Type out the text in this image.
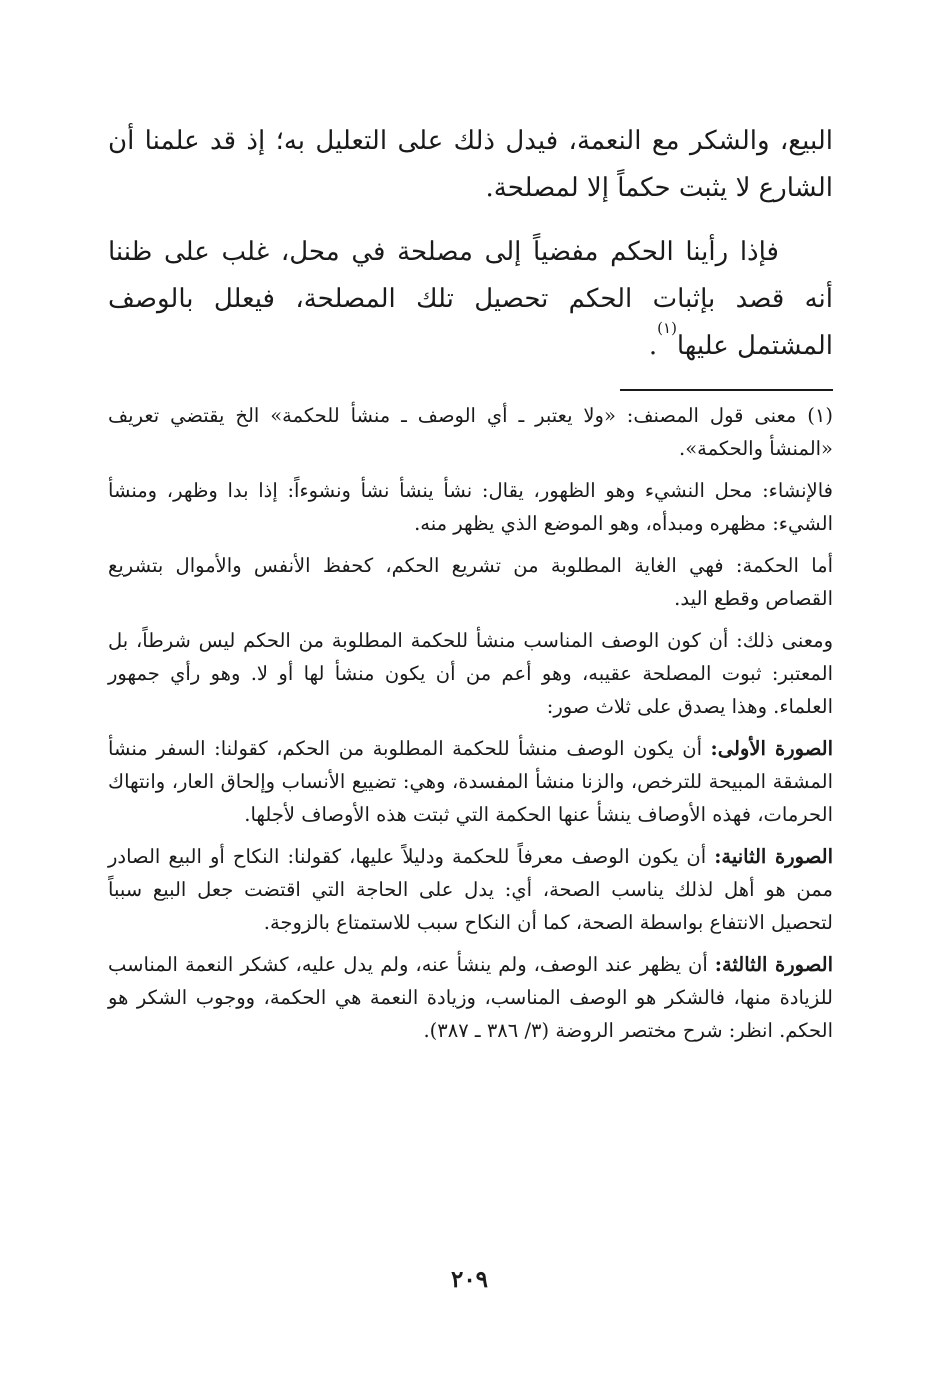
البيع، والشكر مع النعمة، فيدل ذلك على التعليل به؛ إذ قد علمنا أن الشارع لا يثبت حكماً إلا لمصلحة.

فإذا رأينا الحكم مفضياً إلى مصلحة في محل، غلب على ظننا أنه قصد بإثبات الحكم تحصيل تلك المصلحة، فيعلل بالوصف المشتمل عليها$^{(١)}$.

(١) معنى قول المصنف: «ولا يعتبر ـ أي الوصف ـ منشأ للحكمة» الخ يقتضي تعريف «المنشأ والحكمة».

فالإنشاء: محل النشيء وهو الظهور، يقال: نشأ ينشأ نشأ ونشوءاً: إذا بدا وظهر، ومنشأ الشيء: مظهره ومبدأه، وهو الموضع الذي يظهر منه.

أما الحكمة: فهي الغاية المطلوبة من تشريع الحكم، كحفظ الأنفس والأموال بتشريع القصاص وقطع اليد.

ومعنى ذلك: أن كون الوصف المناسب منشأ للحكمة المطلوبة من الحكم ليس شرطاً، بل المعتبر: ثبوت المصلحة عقيبه، وهو أعم من أن يكون منشأ لها أو لا. وهو رأي جمهور العلماء. وهذا يصدق على ثلاث صور:

الصورة الأولى: أن يكون الوصف منشأ للحكمة المطلوبة من الحكم، كقولنا: السفر منشأ المشقة المبيحة للترخص، والزنا منشأ المفسدة، وهي: تضييع الأنساب وإلحاق العار، وانتهاك الحرمات، فهذه الأوصاف ينشأ عنها الحكمة التي ثبتت هذه الأوصاف لأجلها.

الصورة الثانية: أن يكون الوصف معرفاً للحكمة ودليلاً عليها، كقولنا: النكاح أو البيع الصادر ممن هو أهل لذلك يناسب الصحة، أي: يدل على الحاجة التي اقتضت جعل البيع سبباً لتحصيل الانتفاع بواسطة الصحة، كما أن النكاح سبب للاستمتاع بالزوجة.

الصورة الثالثة: أن يظهر عند الوصف، ولم ينشأ عنه، ولم يدل عليه، كشكر النعمة المناسب للزيادة منها، فالشكر هو الوصف المناسب، وزيادة النعمة هي الحكمة، ووجوب الشكر هو الحكم. انظر: شرح مختصر الروضة (٣/ ٣٨٦ ـ ٣٨٧).

٢٠٩
